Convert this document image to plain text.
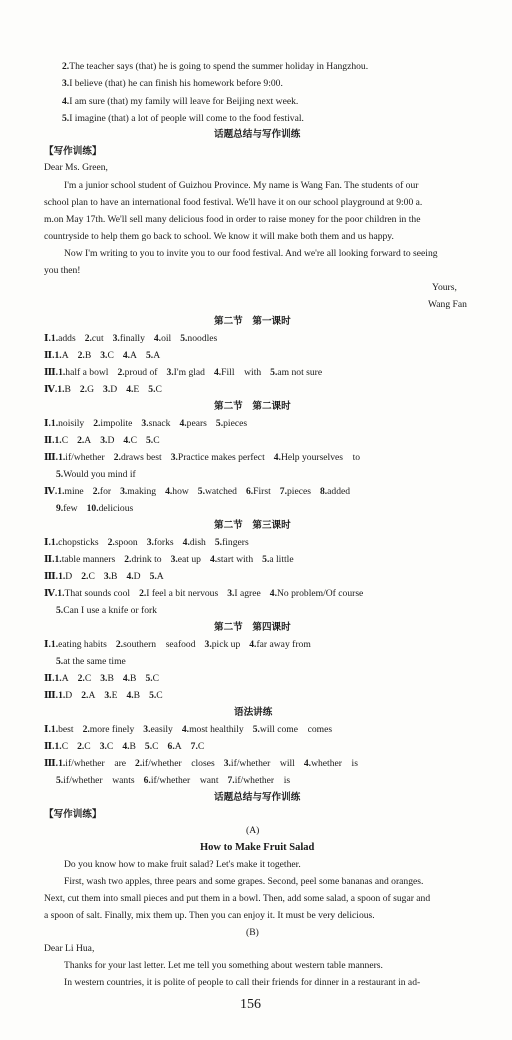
2.The teacher says (that) he is going to spend the summer holiday in Hangzhou.
3.I believe (that) he can finish his homework before 9:00.
4.I am sure (that) my family will leave for Beijing next week.
5.I imagine (that) a lot of people will come to the food festival.
话题总结与写作训练
【写作训练】
Dear Ms. Green,
I'm a junior school student of Guizhou Province. My name is Wang Fan. The students of our
school plan to have an international food festival. We'll have it on our school playground at 9:00 a.
m.on May 17th. We'll sell many delicious food in order to raise money for the poor children in the
countryside to help them go back to school. We know it will make both them and us happy.
Now I'm writing to you to invite you to our food festival. And we're all looking forward to seeing
you then!
Yours,
Wang Fan
第二节　第一课时
Ⅰ.1.adds 2.cut 3.finally 4.oil 5.noodles
Ⅱ.1.A 2.B 3.C 4.A 5.A
Ⅲ.1.half a bowl 2.proud of 3.I'm glad 4.Fill　with 5.am not sure
Ⅳ.1.B 2.G 3.D 4.E 5.C
第二节　第二课时
Ⅰ.1.noisily 2.impolite 3.snack 4.pears 5.pieces
Ⅱ.1.C 2.A 3.D 4.C 5.C
Ⅲ.1.if/whether 2.draws best 3.Practice makes perfect 4.Help yourselves　to
5.Would you mind if
Ⅳ.1.mine 2.for 3.making 4.how 5.watched 6.First 7.pieces 8.added
9.few 10.delicious
第二节　第三课时
Ⅰ.1.chopsticks 2.spoon 3.forks 4.dish 5.fingers
Ⅱ.1.table manners 2.drink to 3.eat up 4.start with 5.a little
Ⅲ.1.D 2.C 3.B 4.D 5.A
Ⅳ.1.That sounds cool 2.I feel a bit nervous 3.I agree 4.No problem/Of course
5.Can I use a knife or fork
第二节　第四课时
Ⅰ.1.eating habits 2.southern　seafood 3.pick up 4.far away from
5.at the same time
Ⅱ.1.A 2.C 3.B 4.B 5.C
Ⅲ.1.D 2.A 3.E 4.B 5.C
语法讲练
Ⅰ.1.best 2.more finely 3.easily 4.most healthily 5.will come　comes
Ⅱ.1.C 2.C 3.C 4.B 5.C 6.A 7.C
Ⅲ.1.if/whether　are 2.if/whether　closes 3.if/whether　will 4.whether　is
5.if/whether　wants 6.if/whether　want 7.if/whether　is
话题总结与写作训练
【写作训练】
(A)
How to Make Fruit Salad
Do you know how to make fruit salad? Let's make it together.
First, wash two apples, three pears and some grapes. Second, peel some bananas and oranges.
Next, cut them into small pieces and put them in a bowl. Then, add some salad, a spoon of sugar and
a spoon of salt. Finally, mix them up. Then you can enjoy it. It must be very delicious.
(B)
Dear Li Hua,
Thanks for your last letter. Let me tell you something about western table manners.
In western countries, it is polite of people to call their friends for dinner in a restaurant in ad-
156
